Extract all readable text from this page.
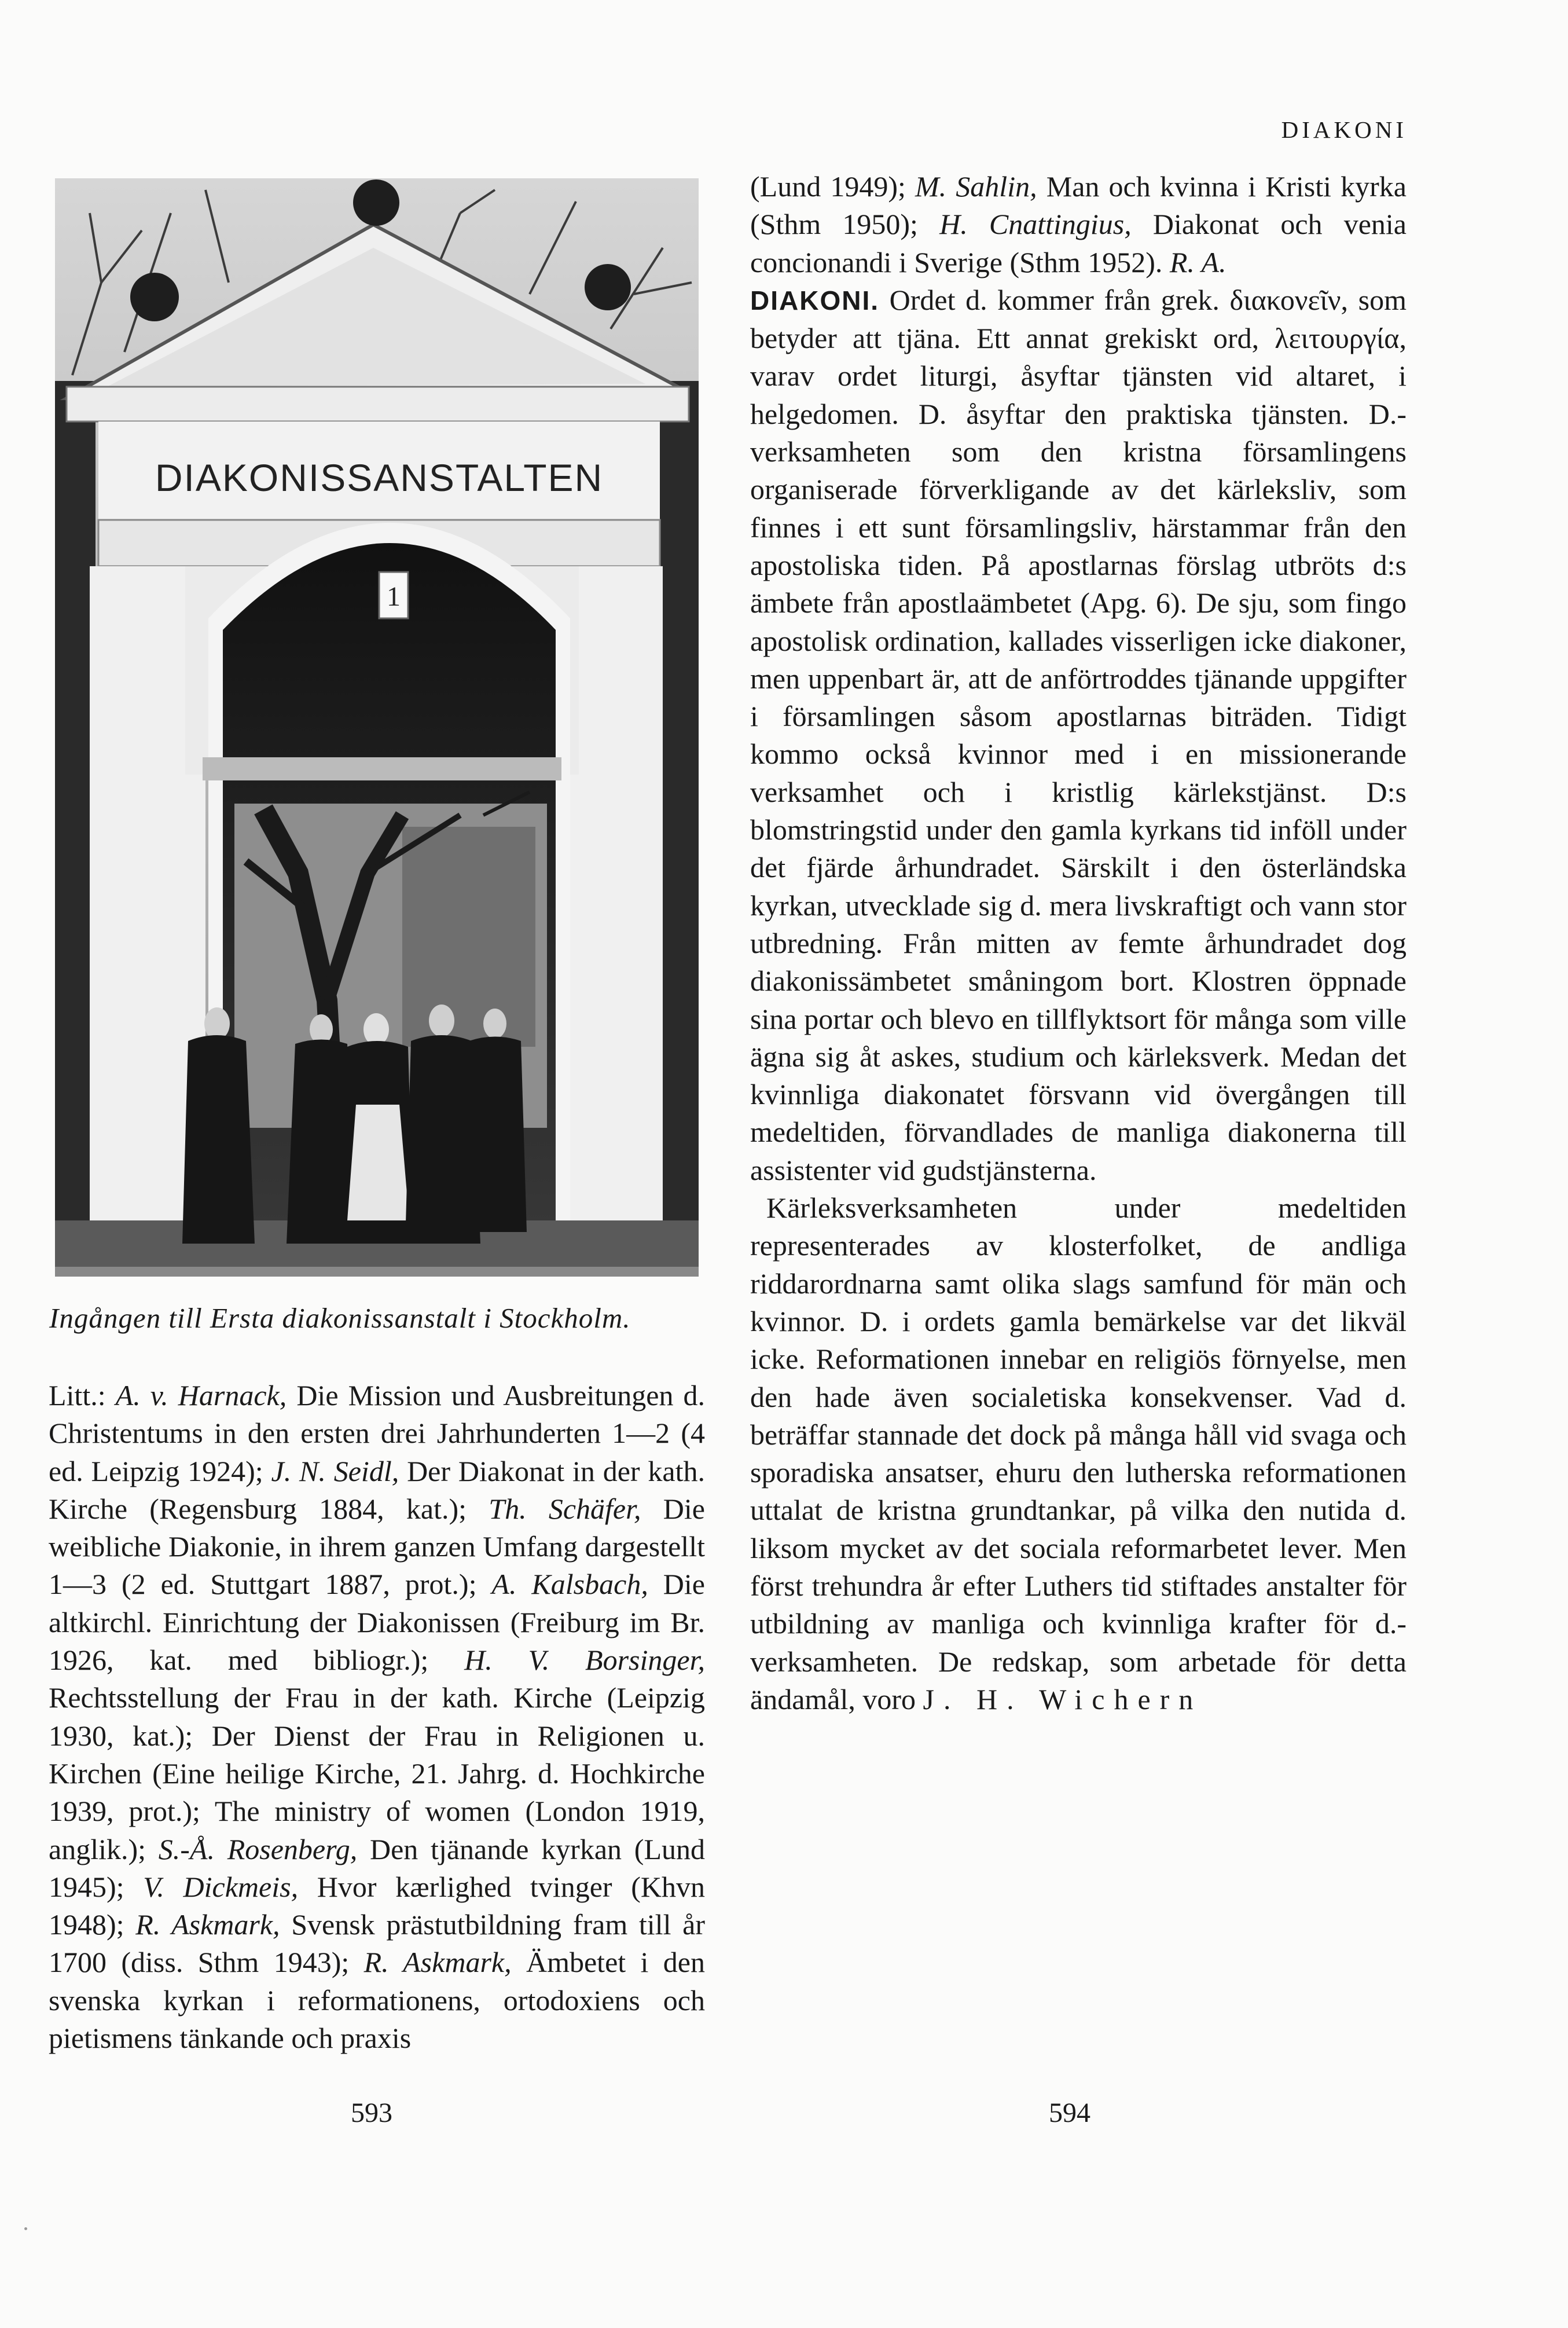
DIAKONI
DIAKONISSANSTALTEN
1
Ingången till Ersta diakonissanstalt i Stockholm.

Litt.: A. v. Harnack, Die Mission und Ausbreitungen d. Christentums in den ersten drei Jahrhunderten 1—2 (4 ed. Leipzig 1924); J. N. Seidl, Der Diakonat in der kath. Kirche (Regensburg 1884, kat.); Th. Schäfer, Die weibliche Diakonie, in ihrem ganzen Umfang dargestellt 1—3 (2 ed. Stuttgart 1887, prot.); A. Kalsbach, Die altkirchl. Einrichtung der Diakonissen (Freiburg im Br. 1926, kat. med bibliogr.); H. V. Borsinger, Rechtsstellung der Frau in der kath. Kirche (Leipzig 1930, kat.); Der Dienst der Frau in Religionen u. Kirchen (Eine heilige Kirche, 21. Jahrg. d. Hochkirche 1939, prot.); The ministry of women (London 1919, anglik.); S.-Å. Rosenberg, Den tjänande kyrkan (Lund 1945); V. Dickmeis, Hvor kærlighed tvinger (Khvn 1948); R. Askmark, Svensk prästutbildning fram till år 1700 (diss. Sthm 1943); R. Askmark, Ämbetet i den svenska kyrkan i reformationens, ortodoxiens och pietismens tänkande och praxis

(Lund 1949); M. Sahlin, Man och kvinna i Kristi kyrka (Sthm 1950); H. Cnattingius, Diakonat och venia concionandi i Sverige (Sthm 1952). R. A.

DIAKONI. Ordet d. kommer från grek. διακονεῖν, som betyder att tjäna. Ett annat grekiskt ord, λειτουργία, varav ordet liturgi, åsyftar tjänsten vid altaret, i helgedomen. D. åsyftar den praktiska tjänsten. D.-verksamheten som den kristna församlingens organiserade förverkligande av det kärleksliv, som finnes i ett sunt församlingsliv, härstammar från den apostoliska tiden. På apostlarnas förslag utbröts d:s ämbete från apostlaämbetet (Apg. 6). De sju, som fingo apostolisk ordination, kallades visserligen icke diakoner, men uppenbart är, att de anförtroddes tjänande uppgifter i församlingen såsom apostlarnas biträden. Tidigt kommo också kvinnor med i en missionerande verksamhet och i kristlig kärlekstjänst. D:s blomstringstid under den gamla kyrkans tid inföll under det fjärde århundradet. Särskilt i den österländska kyrkan, utvecklade sig d. mera livskraftigt och vann stor utbredning. Från mitten av femte århundradet dog diakonissämbetet småningom bort. Klostren öppnade sina portar och blevo en tillflyktsort för många som ville ägna sig åt askes, studium och kärleksverk. Medan det kvinnliga diakonatet försvann vid övergången till medeltiden, förvandlades de manliga diakonerna till assistenter vid gudstjänsterna.

Kärleksverksamheten under medeltiden representerades av klosterfolket, de andliga riddarordnarna samt olika slags samfund för män och kvinnor. D. i ordets gamla bemärkelse var det likväl icke. Reformationen innebar en religiös förnyelse, men den hade även socialetiska konsekvenser. Vad d. beträffar stannade det dock på många håll vid svaga och sporadiska ansatser, ehuru den lutherska reformationen uttalat de kristna grundtankar, på vilka den nutida d. liksom mycket av det sociala reformarbetet lever. Men först trehundra år efter Luthers tid stiftades anstalter för utbildning av manliga och kvinnliga krafter för d.-verksamheten. De redskap, som arbetade för detta ändamål, voro J. H. Wichern

593	594
